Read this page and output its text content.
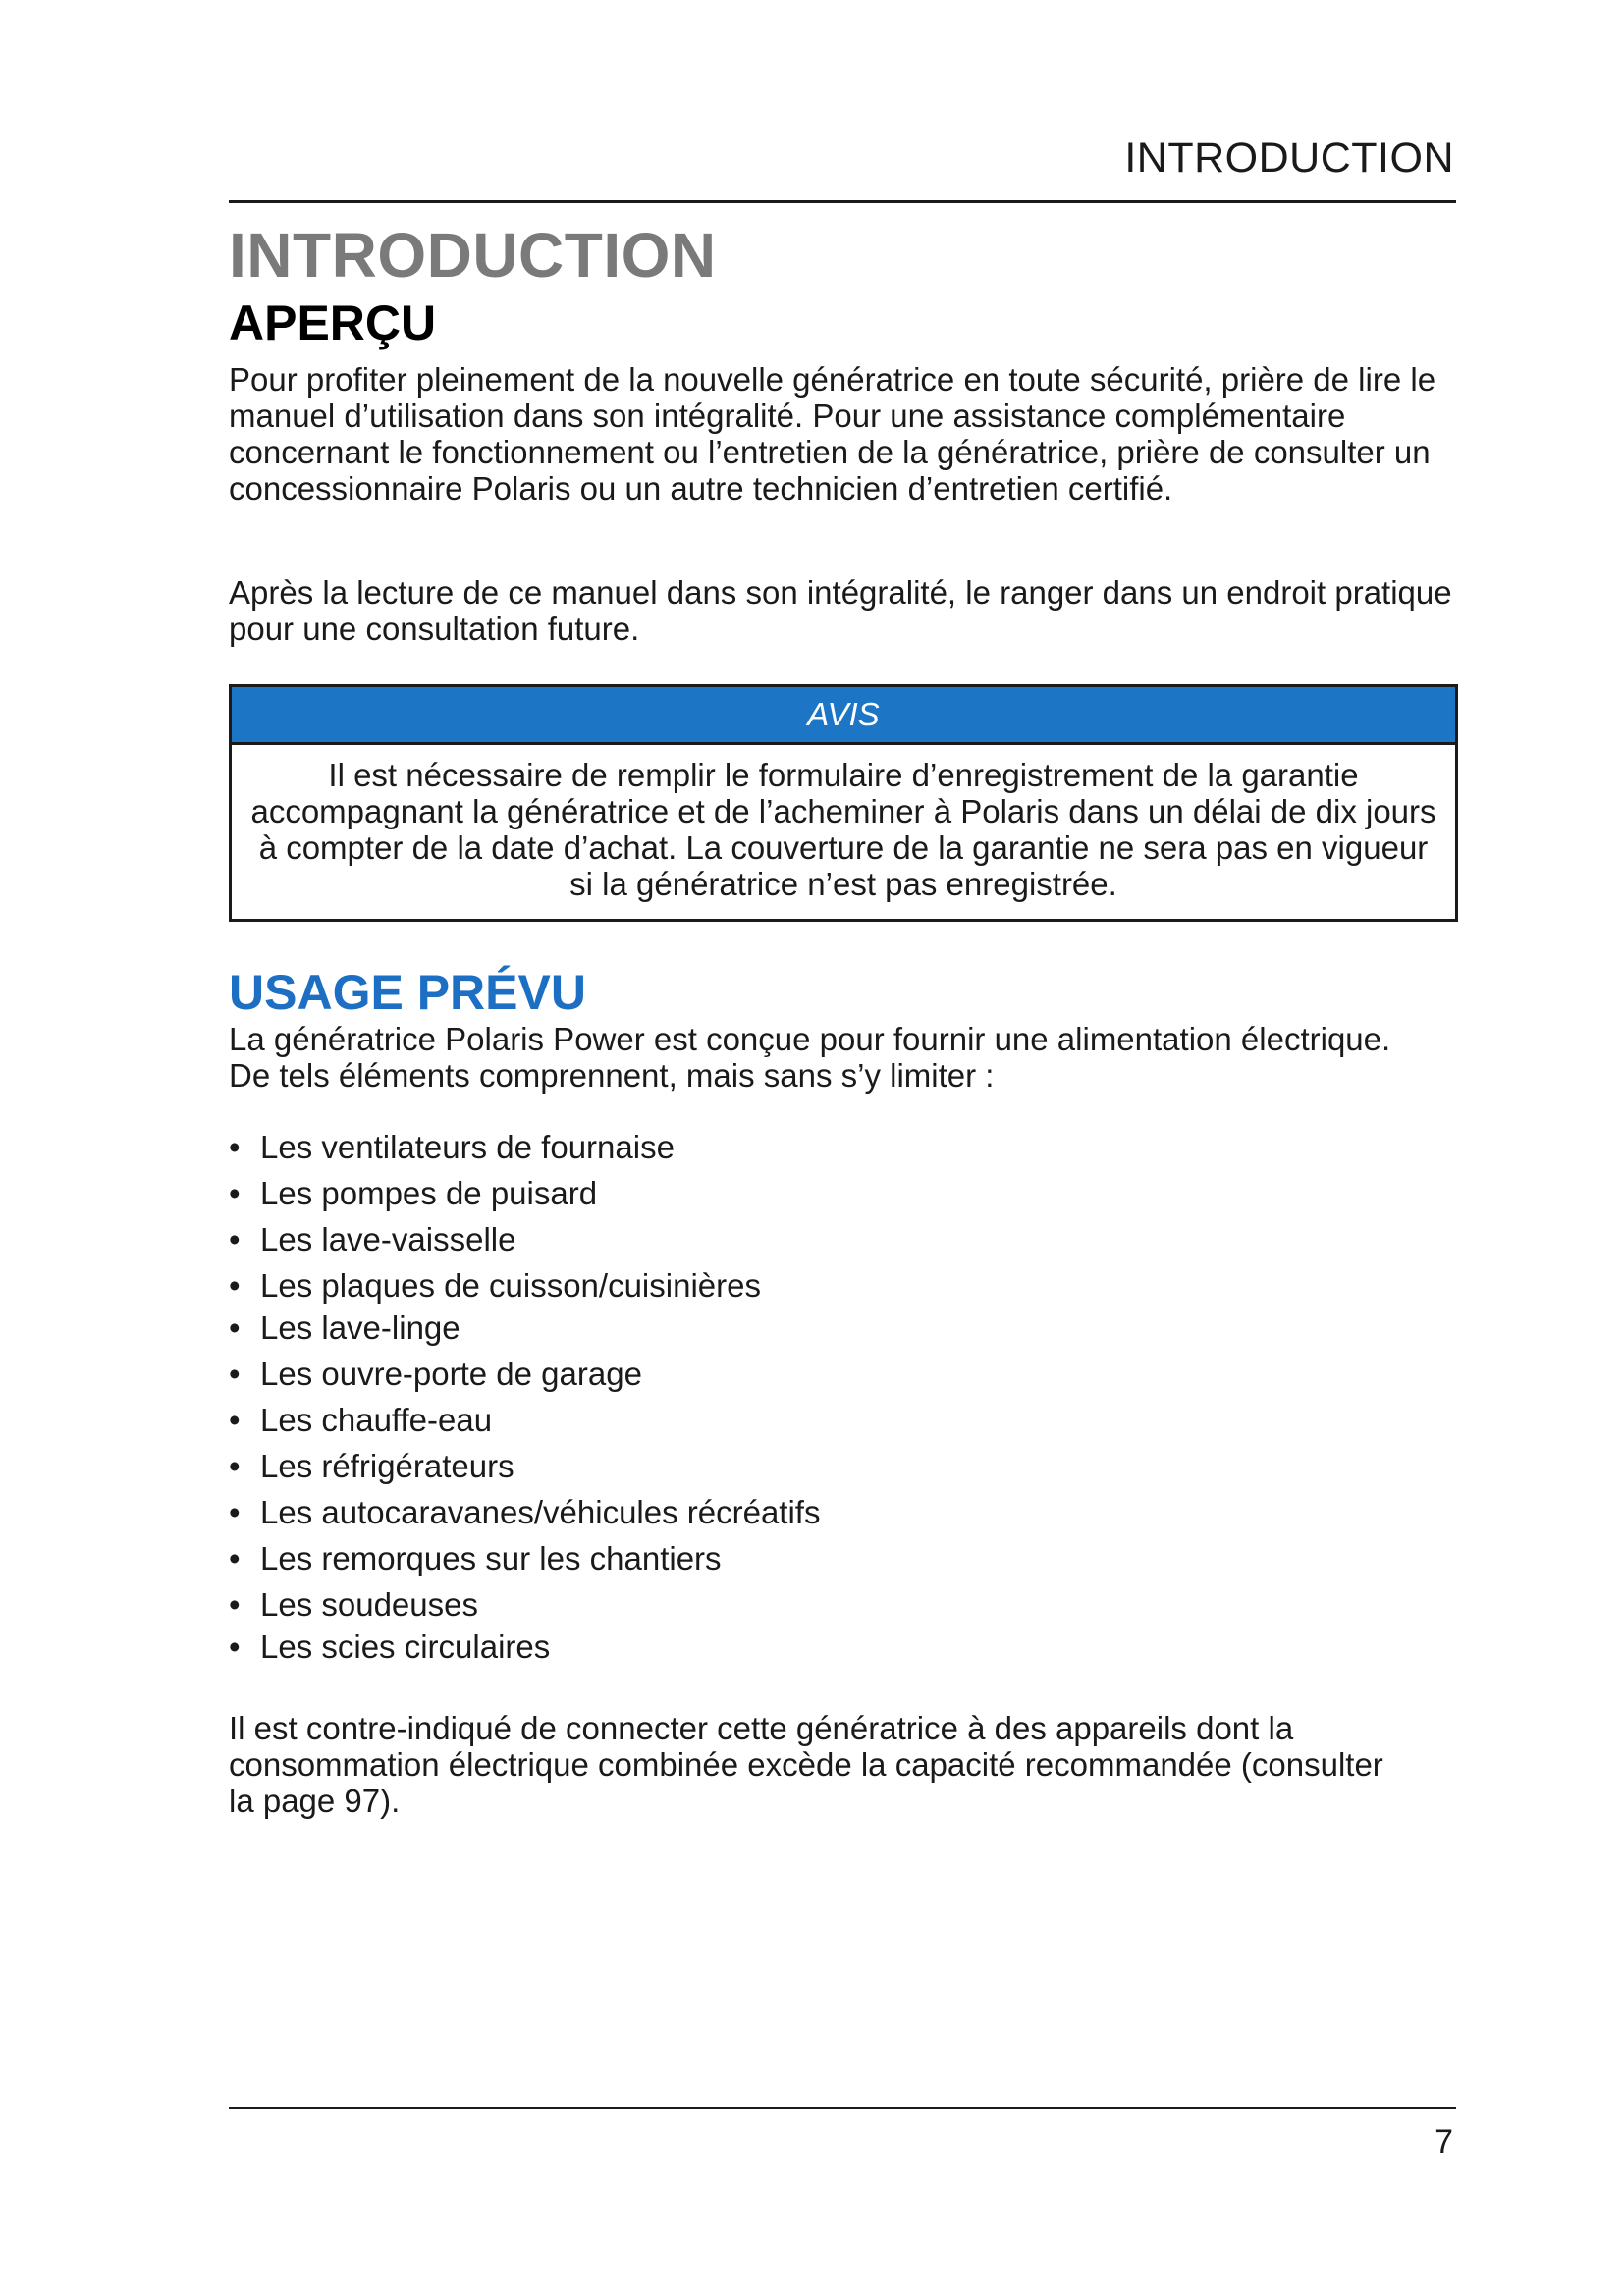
INTRODUCTION
INTRODUCTION
APERÇU

Pour profiter pleinement de la nouvelle génératrice en toute sécurité, prière de lire le manuel d’utilisation dans son intégralité. Pour une assistance complémentaire concernant le fonctionnement ou l’entretien de la génératrice, prière de consulter un concessionnaire Polaris ou un autre technicien d’entretien certifié.

Après la lecture de ce manuel dans son intégralité, le ranger dans un endroit pratique pour une consultation future.

AVIS
Il est nécessaire de remplir le formulaire d’enregistrement de la garantie accompagnant la génératrice et de l’acheminer à Polaris dans un délai de dix jours à compter de la date d’achat. La couverture de la garantie ne sera pas en vigueur si la génératrice n’est pas enregistrée.
USAGE PRÉVU

La génératrice Polaris Power est conçue pour fournir une alimentation électrique. De tels éléments comprennent, mais sans s’y limiter :

• Les ventilateurs de fournaise
• Les pompes de puisard
• Les lave-vaisselle
• Les plaques de cuisson/cuisinières
• Les lave-linge
• Les ouvre-porte de garage
• Les chauffe-eau
• Les réfrigérateurs
• Les autocaravanes/véhicules récréatifs
• Les remorques sur les chantiers
• Les soudeuses
• Les scies circulaires

Il est contre-indiqué de connecter cette génératrice à des appareils dont la consommation électrique combinée excède la capacité recommandée (consulter la page 97).

7
